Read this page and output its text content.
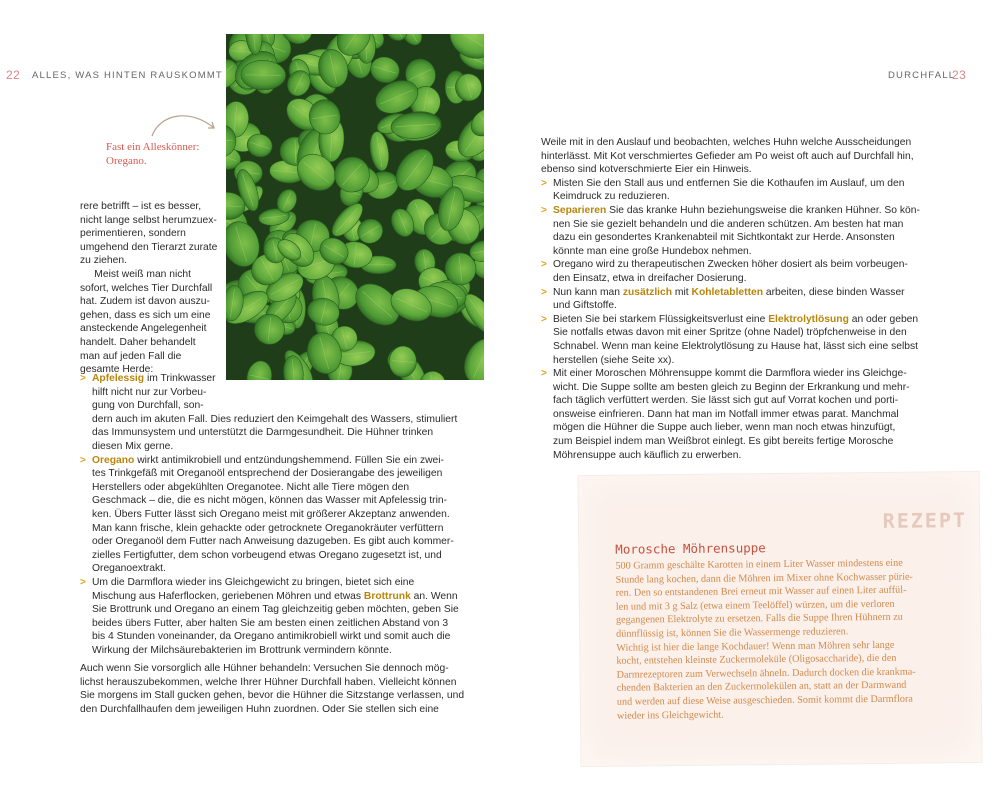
22 ALLES, WAS HINTEN RAUSKOMMT	DURCHFALL
23
Fast ein Alleskönner:
Oregano.
rere betrifft – ist es besser,
nicht lange selbst herumzuex-
perimentieren, sondern
umgehend den Tierarzt zurate
zu ziehen.
Meist weiß man nicht
sofort, welches Tier Durchfall
hat. Zudem ist davon auszu-
gehen, dass es sich um eine
ansteckende Angelegenheit
handelt. Daher behandelt
man auf jeden Fall die
gesamte Herde:
> Apfelessig im Trinkwasser
hilft nicht nur zur Vorbeu-
gung von Durchfall, son-
dern auch im akuten Fall. Dies reduziert den Keimgehalt des Wassers, stimuliert
das Immunsystem und unterstützt die Darmgesundheit. Die Hühner trinken
diesen Mix gerne.
> Oregano wirkt antimikrobiell und entzündungshemmend. Füllen Sie ein zwei-
tes Trinkgefäß mit Oreganoöl entsprechend der Dosierangabe des jeweiligen
Herstellers oder abgekühlten Oreganotee. Nicht alle Tiere mögen den
Geschmack – die, die es nicht mögen, können das Wasser mit Apfelessig trin-
ken. Übers Futter lässt sich Oregano meist mit größerer Akzeptanz anwenden.
Man kann frische, klein gehackte oder getrocknete Oreganokräuter verfüttern
oder Oreganoöl dem Futter nach Anweisung dazugeben. Es gibt auch kommer-
zielles Fertigfutter, dem schon vorbeugend etwas Oregano zugesetzt ist, und
Oreganoextrakt.
> Um die Darmflora wieder ins Gleichgewicht zu bringen, bietet sich eine
Mischung aus Haferflocken, geriebenen Möhren und etwas Brottrunk an. Wenn
Sie Brottrunk und Oregano an einem Tag gleichzeitig geben möchten, geben Sie
beides übers Futter, aber halten Sie am besten einen zeitlichen Abstand von 3
bis 4 Stunden voneinander, da Oregano antimikrobiell wirkt und somit auch die
Wirkung der Milchsäurebakterien im Brottrunk vermindern könnte.
Auch wenn Sie vorsorglich alle Hühner behandeln: Versuchen Sie dennoch mög-
lichst herauszubekommen, welche Ihrer Hühner Durchfall haben. Vielleicht können
Sie morgens im Stall gucken gehen, bevor die Hühner die Sitzstange verlassen, und
den Durchfallhaufen dem jeweiligen Huhn zuordnen. Oder Sie stellen sich eine
Weile mit in den Auslauf und beobachten, welches Huhn welche Ausscheidungen
hinterlässt. Mit Kot verschmiertes Gefieder am Po weist oft auch auf Durchfall hin,
ebenso sind kotverschmierte Eier ein Hinweis.
> Misten Sie den Stall aus und entfernen Sie die Kothaufen im Auslauf, um den
Keimdruck zu reduzieren.
> Separieren Sie das kranke Huhn beziehungsweise die kranken Hühner. So kön-
nen Sie sie gezielt behandeln und die anderen schützen. Am besten hat man
dazu ein gesondertes Krankenabteil mit Sichtkontakt zur Herde. Ansonsten
könnte man eine große Hundebox nehmen.
> Oregano wird zu therapeutischen Zwecken höher dosiert als beim vorbeugen-
den Einsatz, etwa in dreifacher Dosierung.
> Nun kann man zusätzlich mit Kohletabletten arbeiten, diese binden Wasser
und Giftstoffe.
> Bieten Sie bei starkem Flüssigkeitsverlust eine Elektrolytlösung an oder geben
Sie notfalls etwas davon mit einer Spritze (ohne Nadel) tröpfchenweise in den
Schnabel. Wenn man keine Elektrolytlösung zu Hause hat, lässt sich eine selbst
herstellen (siehe Seite xx).
> Mit einer Moroschen Möhrensuppe kommt die Darmflora wieder ins Gleichge-
wicht. Die Suppe sollte am besten gleich zu Beginn der Erkrankung und mehr-
fach täglich verfüttert werden. Sie lässt sich gut auf Vorrat kochen und porti-
onsweise einfrieren. Dann hat man im Notfall immer etwas parat. Manchmal
mögen die Hühner die Suppe auch lieber, wenn man noch etwas hinzufügt,
zum Beispiel indem man Weißbrot einlegt. Es gibt bereits fertige Morosche
Möhrensuppe auch käuflich zu erwerben.
REZEPT
Morosche Möhrensuppe
500 Gramm geschälte Karotten in einem Liter Wasser mindestens eine
Stunde lang kochen, dann die Möhren im Mixer ohne Kochwasser pürie-
ren. Den so entstandenen Brei erneut mit Wasser auf einen Liter auffül-
len und mit 3 g Salz (etwa einem Teelöffel) würzen, um die verloren
gegangenen Elektrolyte zu ersetzen. Falls die Suppe Ihren Hühnern zu
dünnflüssig ist, können Sie die Wassermenge reduzieren.
Wichtig ist hier die lange Kochdauer! Wenn man Möhren sehr lange
kocht, entstehen kleinste Zuckermoleküle (Oligosaccharide), die den
Darmrezeptoren zum Verwechseln ähneln. Dadurch docken die krankma-
chenden Bakterien an den Zuckermolekülen an, statt an der Darmwand
und werden auf diese Weise ausgeschieden. Somit kommt die Darmflora
wieder ins Gleichgewicht.
